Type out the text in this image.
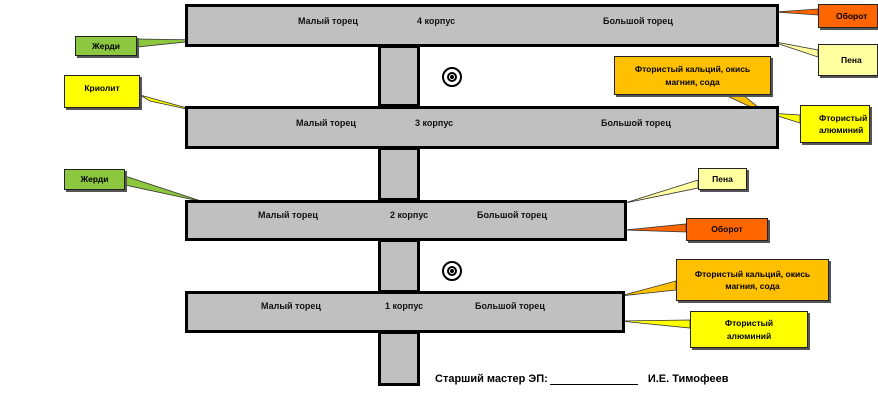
Малый торец	4 корпус	Большой торец
Малый торец	3 корпус	Большой торец
Малый торец	2 корпус	Большой торец
Малый торец	1 корпус	Большой торец
Жерди
Оборот
Пена
Криолит
Фтористый кальций, окись магния, сода
Фтористый алюминий
Жерди	Пена
Оборот
Фтористый кальций, окись магния, сода
Фтористый алюминий
Старший мастер ЭП:	И.Е. Тимофеев
